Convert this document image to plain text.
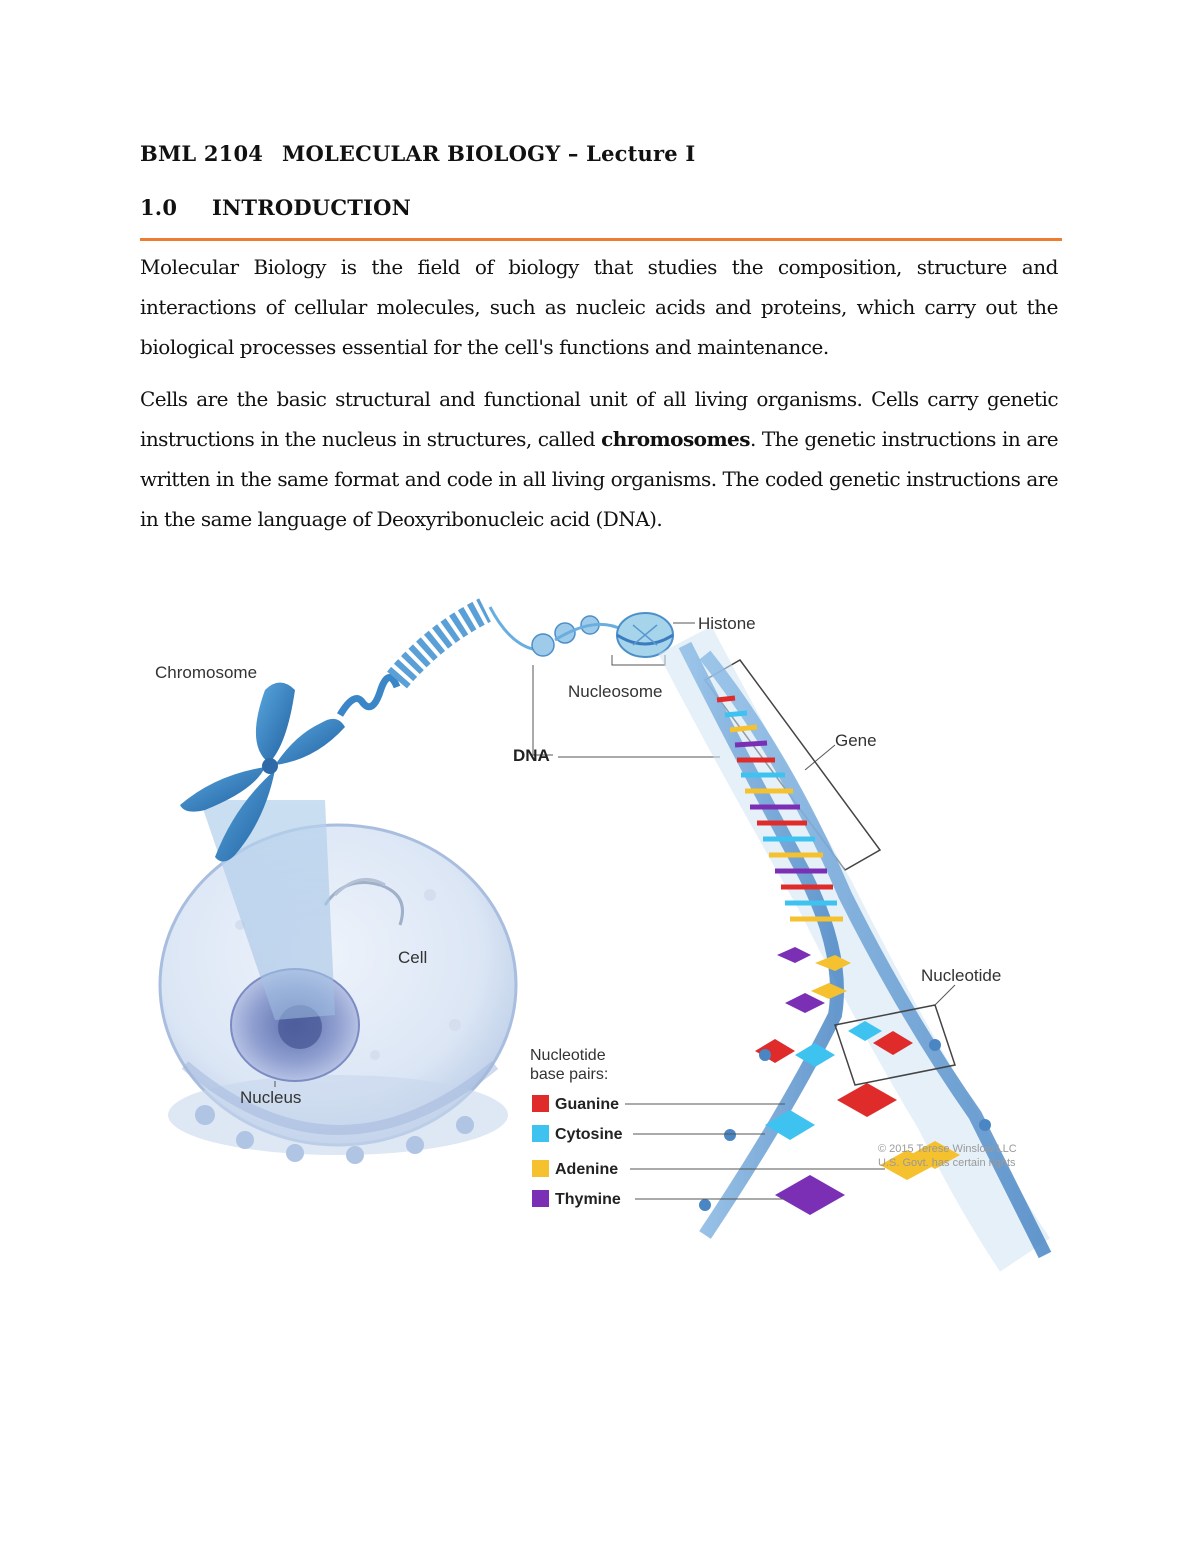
BML 2104 MOLECULAR BIOLOGY – Lecture I
1.0 INTRODUCTION
Molecular Biology is the field of biology that studies the composition, structure and interactions of cellular molecules, such as nucleic acids and proteins, which carry out the biological processes essential for the cell's functions and maintenance.
Cells are the basic structural and functional unit of all living organisms. Cells carry genetic instructions in the nucleus in structures, called chromosomes. The genetic instructions in are written in the same format and code in all living organisms. The coded genetic instructions are in the same language of Deoxyribonucleic acid (DNA).
Chromosome
Histone
Nucleosome
DNA
Gene
Cell
Nucleus
Nucleotide
Nucleotide
base pairs:
Guanine
Cytosine
Adenine
Thymine
© 2015 Terese Winslow LLC
U.S. Govt. has certain rights
